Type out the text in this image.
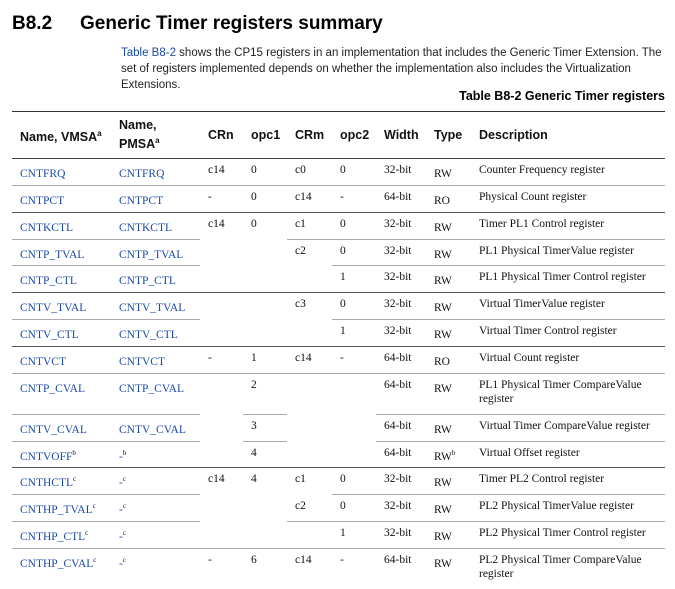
B8.2 Generic Timer registers summary
Table B8-2 shows the CP15 registers in an implementation that includes the Generic Timer Extension. The set of registers implemented depends on whether the implementation also includes the Virtualization Extensions.
Table B8-2 Generic Timer registers
Name, VMSA$^a$	Name, PMSA$^a$	CRn	opc1	CRm	opc2	Width	Type	Description
CNTFRQ	CNTFRQ	c14	0	c0	0	32-bit	RW	Counter Frequency register
CNTPCT	CNTPCT	-	0	c14	-	64-bit	RO	Physical Count register
CNTKCTL	CNTKCTL	c14	0	c1	0	32-bit	RW	Timer PL1 Control register
CNTP_TVAL	CNTP_TVAL			c2	0	32-bit	RW	PL1 Physical TimerValue register
CNTP_CTL	CNTP_CTL				1	32-bit	RW	PL1 Physical Timer Control register
CNTV_TVAL	CNTV_TVAL			c3	0	32-bit	RW	Virtual TimerValue register
CNTV_CTL	CNTV_CTL				1	32-bit	RW	Virtual Timer Control register
CNTVCT	CNTVCT	-	1	c14	-	64-bit	RO	Virtual Count register
CNTP_CVAL	CNTP_CVAL		2			64-bit	RW	PL1 Physical Timer CompareValue register
CNTV_CVAL	CNTV_CVAL		3			64-bit	RW	Virtual Timer CompareValue register
CNTVOFF$^b$	-$^b$		4			64-bit	$RW^b$	Virtual Offset register
CNTHCTL$^c$	-$^c$	c14	4	c1	0	32-bit	RW	Timer PL2 Control register
CNTHP_TVAL$^c$	-$^c$			c2	0	32-bit	RW	PL2 Physical TimerValue register
CNTHP_CTL$^c$	-$^c$				1	32-bit	RW	PL2 Physical Timer Control register
CNTHP_CVAL$^c$	-$^c$	-	6	c14	-	64-bit	RW	PL2 Physical Timer CompareValue register
